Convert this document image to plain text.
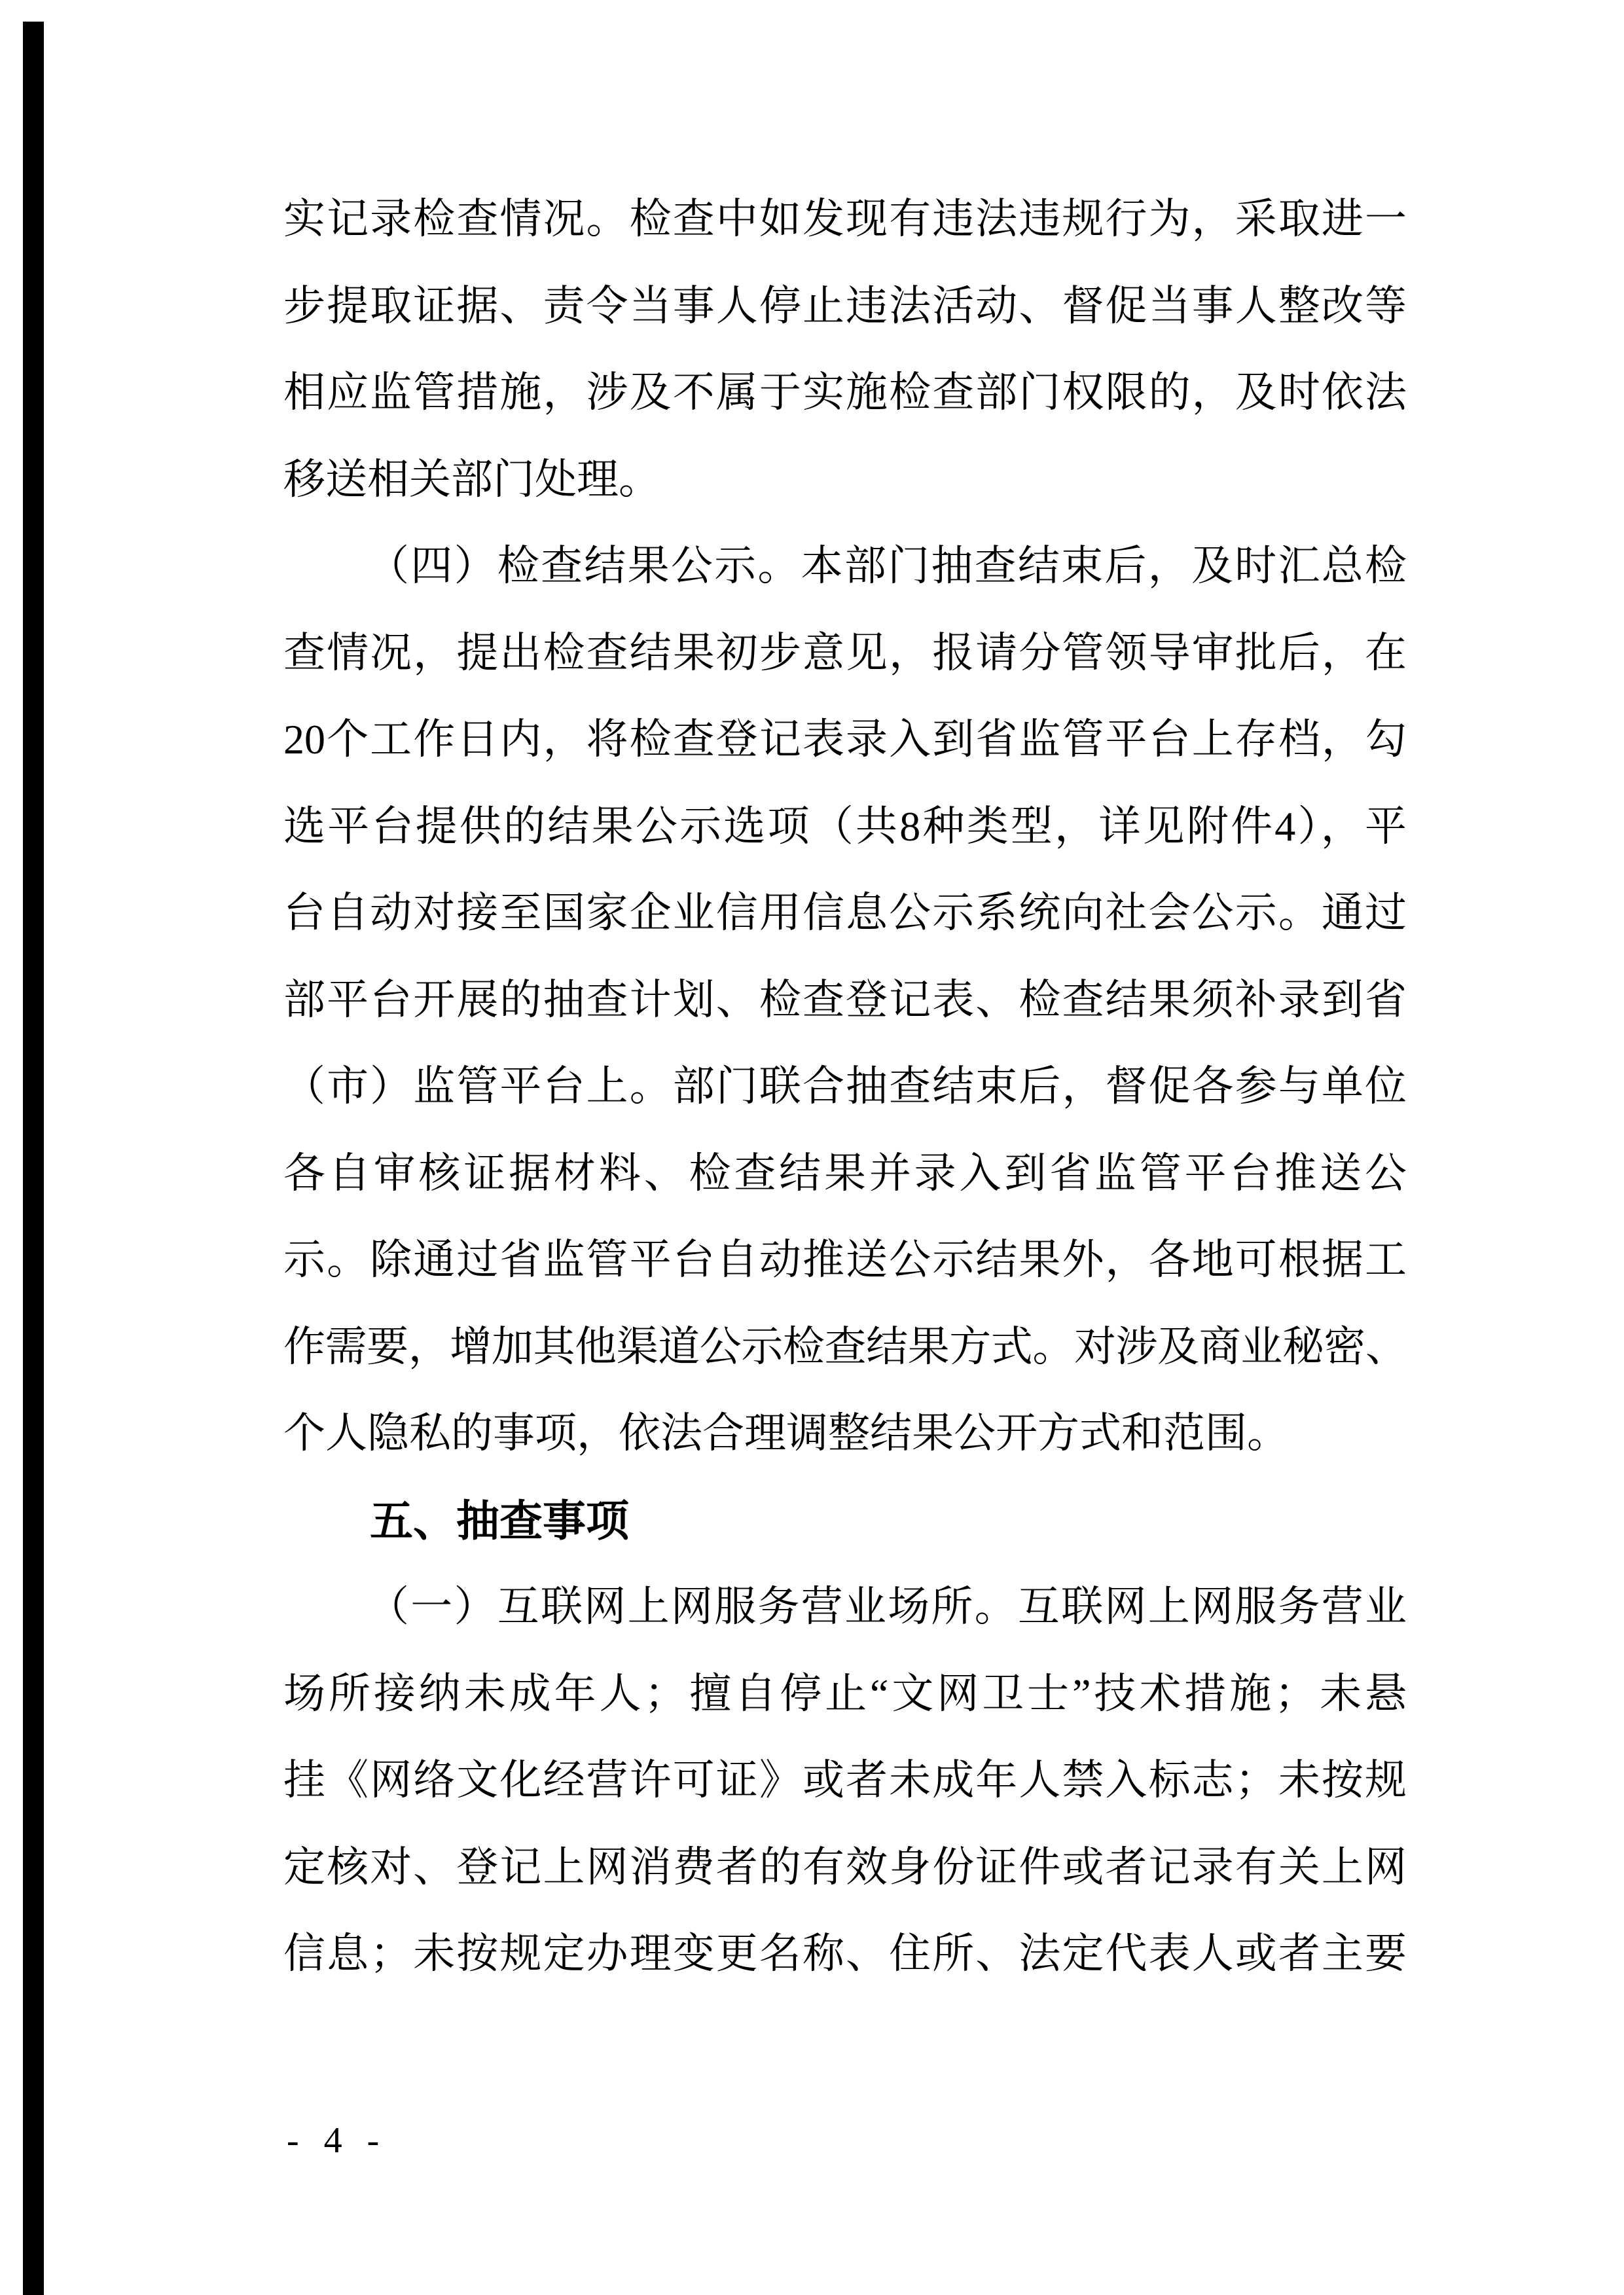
实记录检查情况。检查中如发现有违法违规行为，采取进一
步提取证据、责令当事人停止违法活动、督促当事人整改等
相应监管措施，涉及不属于实施检查部门权限的，及时依法
移送相关部门处理。
（四）检查结果公示。本部门抽查结束后，及时汇总检
查情况，提出检查结果初步意见，报请分管领导审批后，在
20个工作日内，将检查登记表录入到省监管平台上存档，勾
选平台提供的结果公示选项（共8种类型，详见附件4），平
台自动对接至国家企业信用信息公示系统向社会公示。通过
部平台开展的抽查计划、检查登记表、检查结果须补录到省
（市）监管平台上。部门联合抽查结束后，督促各参与单位
各自审核证据材料、检查结果并录入到省监管平台推送公
示。除通过省监管平台自动推送公示结果外，各地可根据工
作需要，增加其他渠道公示检查结果方式。对涉及商业秘密、
个人隐私的事项，依法合理调整结果公开方式和范围。
五、抽查事项
（一）互联网上网服务营业场所。互联网上网服务营业
场所接纳未成年人；擅自停止“文网卫士”技术措施；未悬
挂《网络文化经营许可证》或者未成年人禁入标志；未按规
定核对、登记上网消费者的有效身份证件或者记录有关上网
信息；未按规定办理变更名称、住所、法定代表人或者主要
- 4 -
